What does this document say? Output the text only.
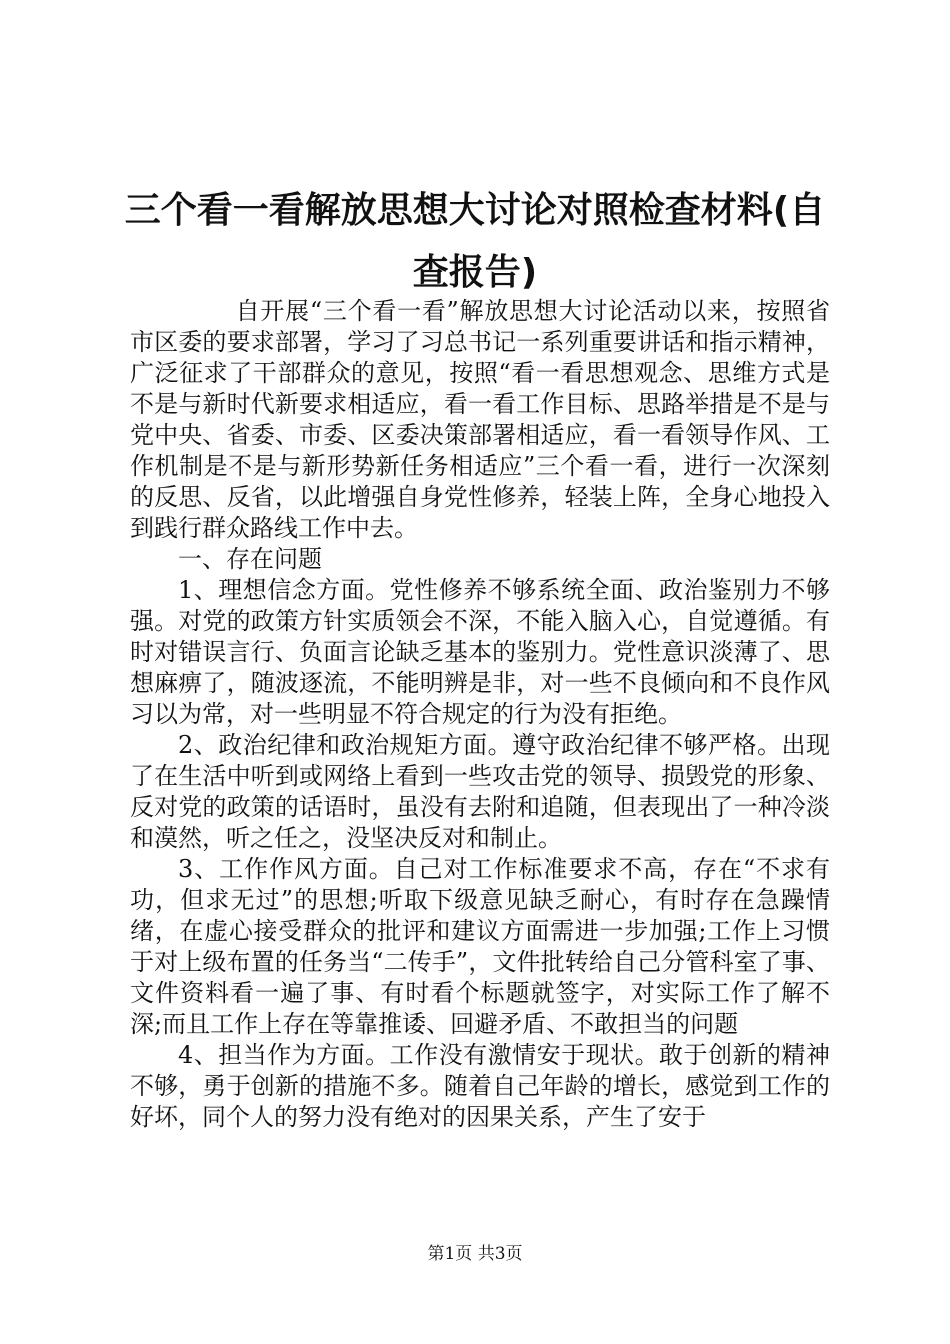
三个看一看解放思想大讨论对照检查材料(自查报告)

自开展“三个看一看”解放思想大讨论活动以来，按照省市区委的要求部署，学习了习总书记一系列重要讲话和指示精神，广泛征求了干部群众的意见，按照“看一看思想观念、思维方式是不是与新时代新要求相适应，看一看工作目标、思路举措是不是与党中央、省委、市委、区委决策部署相适应，看一看领导作风、工作机制是不是与新形势新任务相适应”三个看一看，进行一次深刻的反思、反省，以此增强自身党性修养，轻装上阵，全身心地投入到践行群众路线工作中去。

一、存在问题

1、理想信念方面。党性修养不够系统全面、政治鉴别力不够强。对党的政策方针实质领会不深，不能入脑入心，自觉遵循。有时对错误言行、负面言论缺乏基本的鉴别力。党性意识淡薄了、思想麻痹了，随波逐流，不能明辨是非，对一些不良倾向和不良作风习以为常，对一些明显不符合规定的行为没有拒绝。

2、政治纪律和政治规矩方面。遵守政治纪律不够严格。出现了在生活中听到或网络上看到一些攻击党的领导、损毁党的形象、反对党的政策的话语时，虽没有去附和追随，但表现出了一种冷淡和漠然，听之任之，没坚决反对和制止。

3、工作作风方面。自己对工作标准要求不高，存在“不求有功，但求无过”的思想;听取下级意见缺乏耐心，有时存在急躁情绪，在虚心接受群众的批评和建议方面需进一步加强;工作上习惯于对上级布置的任务当“二传手”，文件批转给自己分管科室了事、文件资料看一遍了事、有时看个标题就签字，对实际工作了解不深;而且工作上存在等靠推诿、回避矛盾、不敢担当的问题

4、担当作为方面。工作没有激情安于现状。敢于创新的精神不够，勇于创新的措施不多。随着自己年龄的增长，感觉到工作的好坏，同个人的努力没有绝对的因果关系，产生了安于

第1页 共3页
